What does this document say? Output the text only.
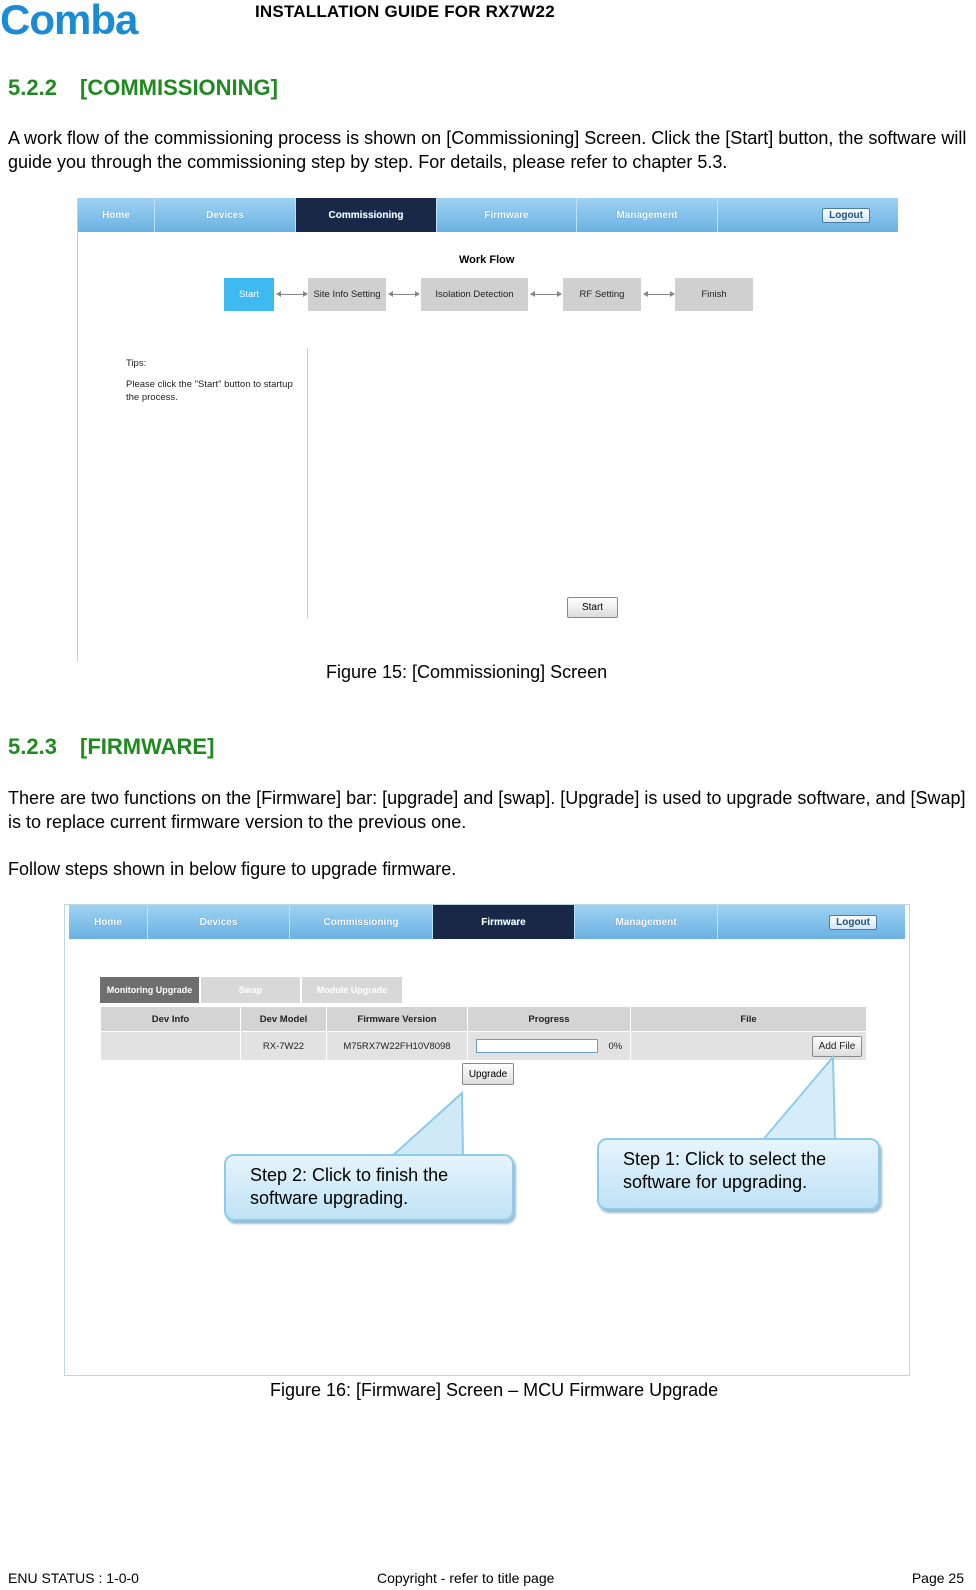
Comba	INSTALLATION GUIDE FOR RX7W22
5.2.2 [COMMISSIONING]
A work flow of the commissioning process is shown on [Commissioning] Screen. Click the [Start] button, the software will guide you through the commissioning step by step. For details, please refer to chapter 5.3.
Home	Devices	Commissioning	Firmware	Management	Logout
Work Flow
Start	Site Info Setting	Isolation Detection	RF Setting	Finish
Tips:
Please click the "Start" button to startup the process.
Start
Figure 15: [Commissioning] Screen
5.2.3 [FIRMWARE]
There are two functions on the [Firmware] bar: [upgrade] and [swap]. [Upgrade] is used to upgrade software, and [Swap] is to replace current firmware version to the previous one.
Follow steps shown in below figure to upgrade firmware.
Home	Devices	Commissioning	Firmware	Management	Logout
Monitoring Upgrade	Swap	Module Upgrade
Dev Info	Dev Model	Firmware Version	Progress	File
	RX-7W22	M75RX7W22FH10V8098	0%	Add File
Upgrade
Step 2: Click to finish the software upgrading.
Step 1: Click to select the software for upgrading.
Figure 16: [Firmware] Screen – MCU Firmware Upgrade
ENU STATUS : 1-0-0	Copyright - refer to title page	Page 25
